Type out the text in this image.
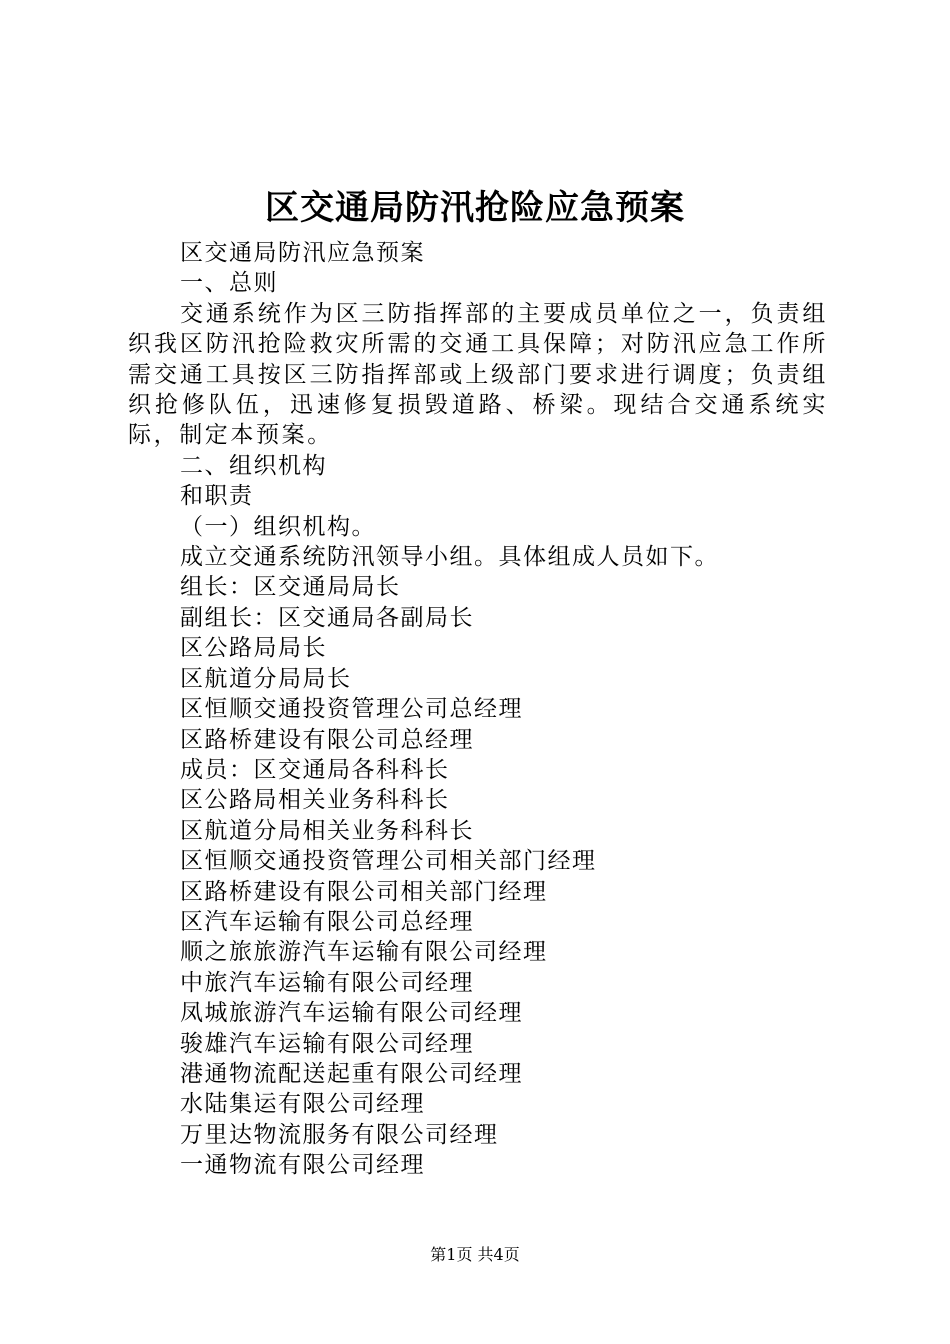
区交通局防汛抢险应急预案

区交通局防汛应急预案

一、总则

交通系统作为区三防指挥部的主要成员单位之一，负责组织我区防汛抢险救灾所需的交通工具保障；对防汛应急工作所需交通工具按区三防指挥部或上级部门要求进行调度；负责组织抢修队伍，迅速修复损毁道路、桥梁。现结合交通系统实际，制定本预案。

二、组织机构

和职责

（一）组织机构。

成立交通系统防汛领导小组。具体组成人员如下。

组长：区交通局局长

副组长：区交通局各副局长

区公路局局长

区航道分局局长

区恒顺交通投资管理公司总经理

区路桥建设有限公司总经理

成员：区交通局各科科长

区公路局相关业务科科长

区航道分局相关业务科科长

区恒顺交通投资管理公司相关部门经理

区路桥建设有限公司相关部门经理

区汽车运输有限公司总经理

顺之旅旅游汽车运输有限公司经理

中旅汽车运输有限公司经理

凤城旅游汽车运输有限公司经理

骏雄汽车运输有限公司经理

港通物流配送起重有限公司经理

水陆集运有限公司经理

万里达物流服务有限公司经理

一通物流有限公司经理

第1页 共4页
